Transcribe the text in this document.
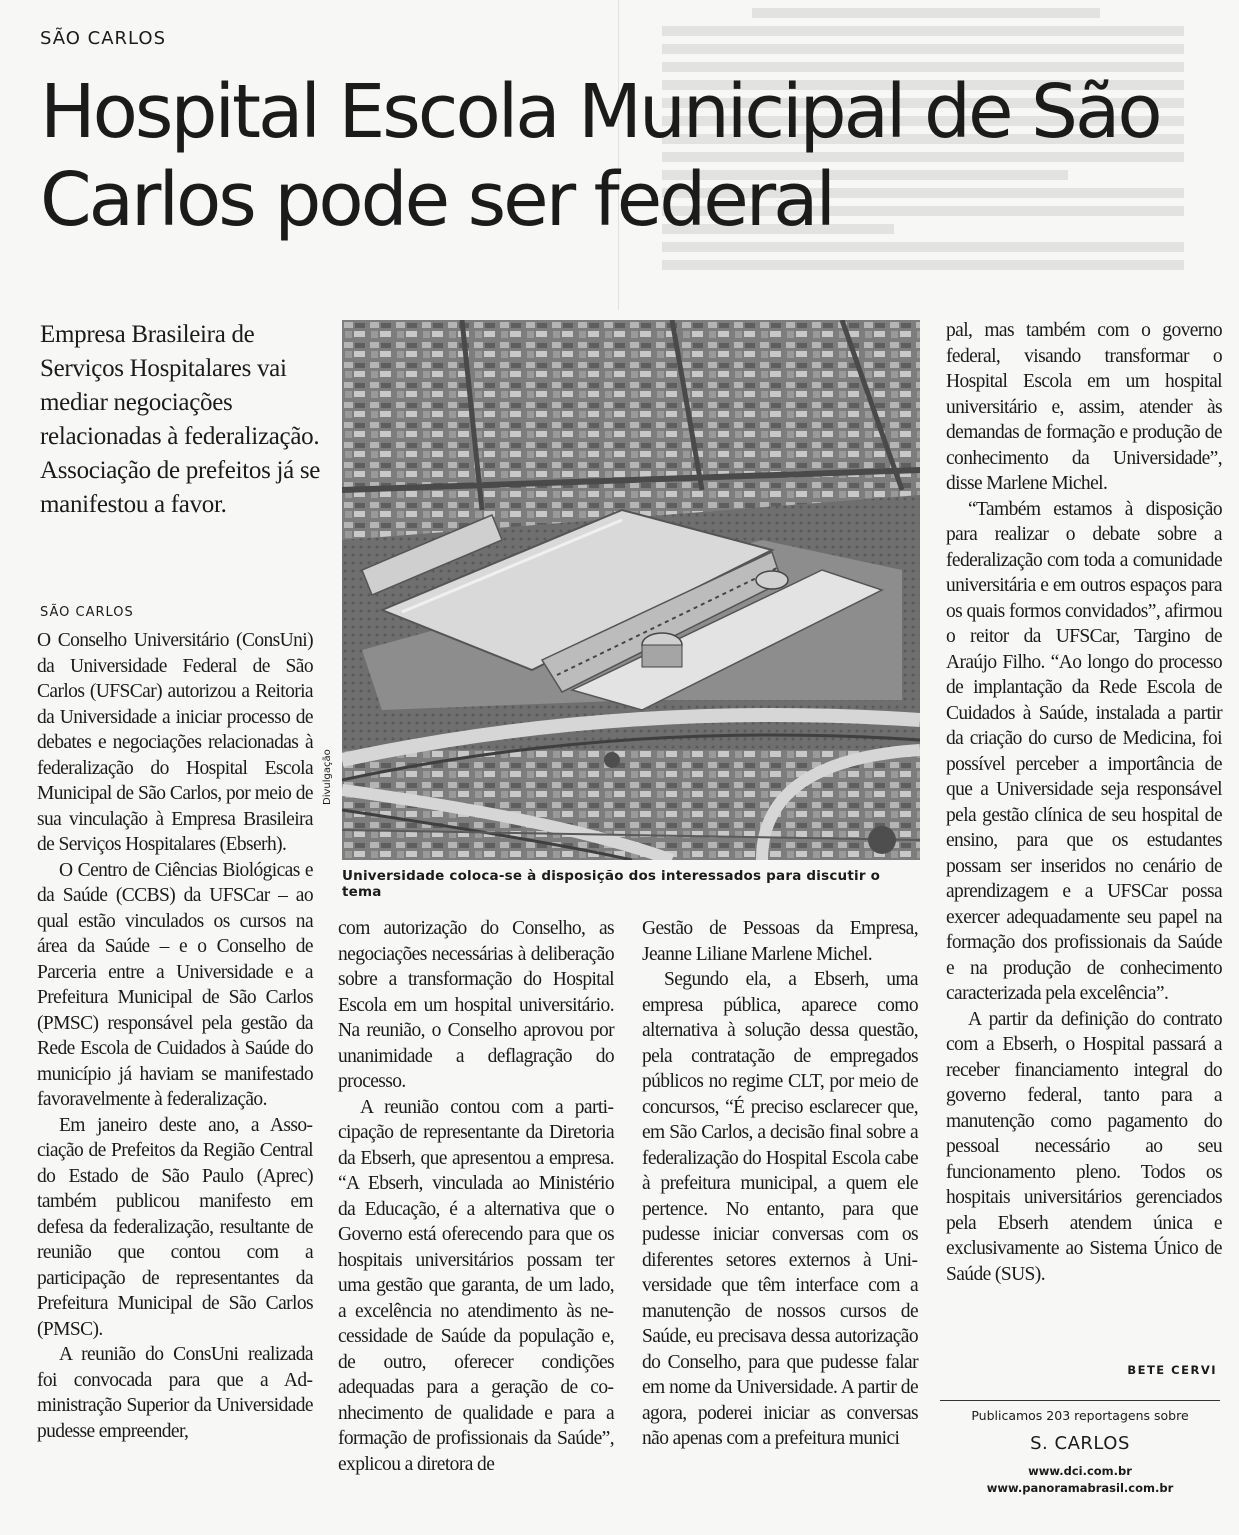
SÃO CARLOS
Hospital Escola Municipal de São Carlos pode ser federal
Empresa Brasileira de Serviços Hospitalares vai mediar negociações relacionadas à federalização. Associação de prefeitos já se manifestou a favor.
SÃO CARLOS

O Conselho Universitário (ConsUni) da Universidade Federal de São Carlos (UFSCar) autorizou a Reitoria da Universidade a iniciar processo de debates e negociações relacionadas à federalização do Hospital Escola Municipal de São Carlos, por meio de sua vinculação à Empresa Brasileira de Serviços Hospitalares (Ebserh).

O Centro de Ciências Biológicas e da Saúde (CCBS) da UFSCar – ao qual estão vinculados os cursos na área da Saúde – e o Conselho de Parceria entre a Universidade e a Prefeitura Municipal de São Carlos (PMSC) responsável pela gestão da Rede Escola de Cuidados à Saúde do município já haviam se manifestado favoravelmente à federalização.

Em janeiro deste ano, a Associação de Prefeitos da Região Central do Estado de São Paulo (Aprec) também publicou manifesto em defesa da federalização, resultante de reunião que contou com a participação de representantes da Prefeitura Municipal de São Carlos (PMSC).

A reunião do ConsUni realizada foi convocada para que a Administração Superior da Universidade pudesse empreender,

Divulgação
Universidade coloca-se à disposição dos interessados para discutir o tema

com autorização do Conselho, as negociações necessárias à deliberação sobre a transformação do Hospital Escola em um hospital universitário. Na reunião, o Conselho aprovou por unanimidade a deflagração do processo.

A reunião contou com a participação de representante da Diretoria da Ebserh, que apresentou a empresa. “A Ebserh, vinculada ao Ministério da Educação, é a alternativa que o Governo está oferecendo para que os hospitais universitários possam ter uma gestão que garanta, de um lado, a excelência no atendimento às necessidade de Saúde da população e, de outro, oferecer condições adequadas para a geração de conhecimento de qualidade e para a formação de profissionais da Saúde”, explicou a diretora de

Gestão de Pessoas da Empresa, Jeanne Liliane Marlene Michel.

Segundo ela, a Ebserh, uma empresa pública, aparece como alternativa à solução dessa questão, pela contratação de empregados públicos no regime CLT, por meio de concursos, “É preciso esclarecer que, em São Carlos, a decisão final sobre a federalização do Hospital Escola cabe à prefeitura municipal, a quem ele pertence. No entanto, para que pudesse iniciar conversas com os diferentes setores externos à Universidade que têm interface com a manutenção de nossos cursos de Saúde, eu precisava dessa autorização do Conselho, para que pudesse falar em nome da Universidade. A partir de agora, poderei iniciar as conversas não apenas com a prefeitura munici

pal, mas também com o governo federal, visando transformar o Hospital Escola em um hospital universitário e, assim, atender às demandas de formação e produção de conhecimento da Universidade”, disse Marlene Michel.

“Também estamos à disposição para realizar o debate sobre a federalização com toda a comunidade universitária e em outros espaços para os quais formos convidados”, afirmou o reitor da UFSCar, Targino de Araújo Filho. “Ao longo do processo de implantação da Rede Escola de Cuidados à Saúde, instalada a partir da criação do curso de Medicina, foi possível perceber a importância de que a Universidade seja responsável pela gestão clínica de seu hospital de ensino, para que os estudantes possam ser inseridos no cenário de aprendizagem e a UFSCar possa exercer adequadamente seu papel na formação dos profissionais da Saúde e na produção de conhecimento caracterizada pela excelência”.

A partir da definição do contrato com a Ebserh, o Hospital passará a receber financiamento integral do governo federal, tanto para a manutenção como pagamento do pessoal necessário ao seu funcionamento pleno. Todos os hospitais universitários gerenciados pela Ebserh atendem única e exclusivamente ao Sistema Único de Saúde (SUS).

BETE CERVI
Publicamos 203 reportagens sobre
S. CARLOS
www.dci.com.br
www.panoramabrasil.com.br
